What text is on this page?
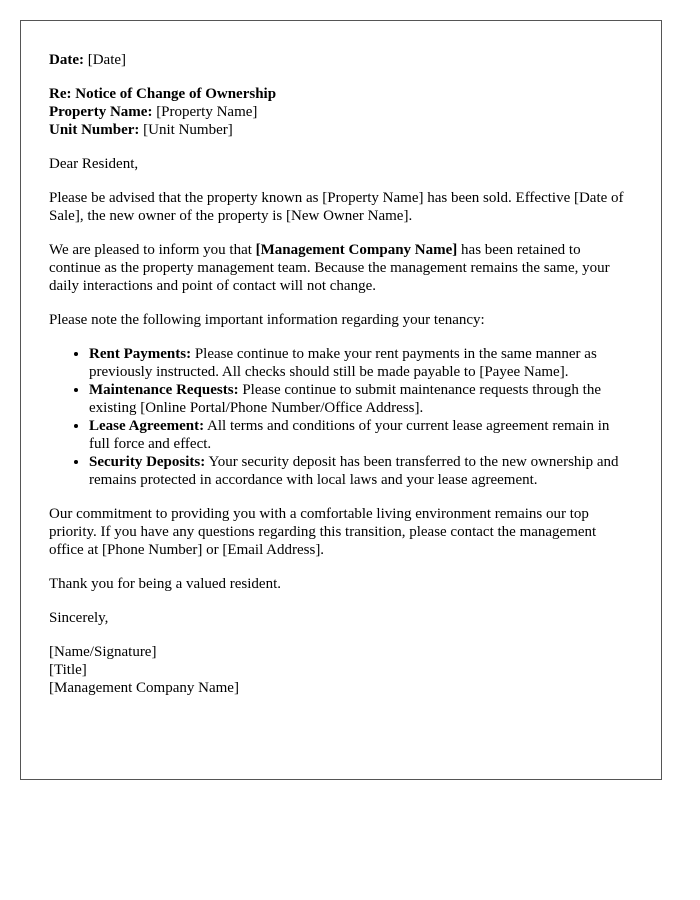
Date: [Date]
Re: Notice of Change of Ownership
Property Name: [Property Name]
Unit Number: [Unit Number]
Dear Resident,
Please be advised that the property known as [Property Name] has been sold. Effective [Date of Sale], the new owner of the property is [New Owner Name].
We are pleased to inform you that [Management Company Name] has been retained to continue as the property management team. Because the management remains the same, your daily interactions and point of contact will not change.
Please note the following important information regarding your tenancy:
• Rent Payments: Please continue to make your rent payments in the same manner as previously instructed. All checks should still be made payable to [Payee Name].
• Maintenance Requests: Please continue to submit maintenance requests through the existing [Online Portal/Phone Number/Office Address].
• Lease Agreement: All terms and conditions of your current lease agreement remain in full force and effect.
• Security Deposits: Your security deposit has been transferred to the new ownership and remains protected in accordance with local laws and your lease agreement.
Our commitment to providing you with a comfortable living environment remains our top priority. If you have any questions regarding this transition, please contact the management office at [Phone Number] or [Email Address].
Thank you for being a valued resident.
Sincerely,
[Name/Signature]
[Title]
[Management Company Name]
